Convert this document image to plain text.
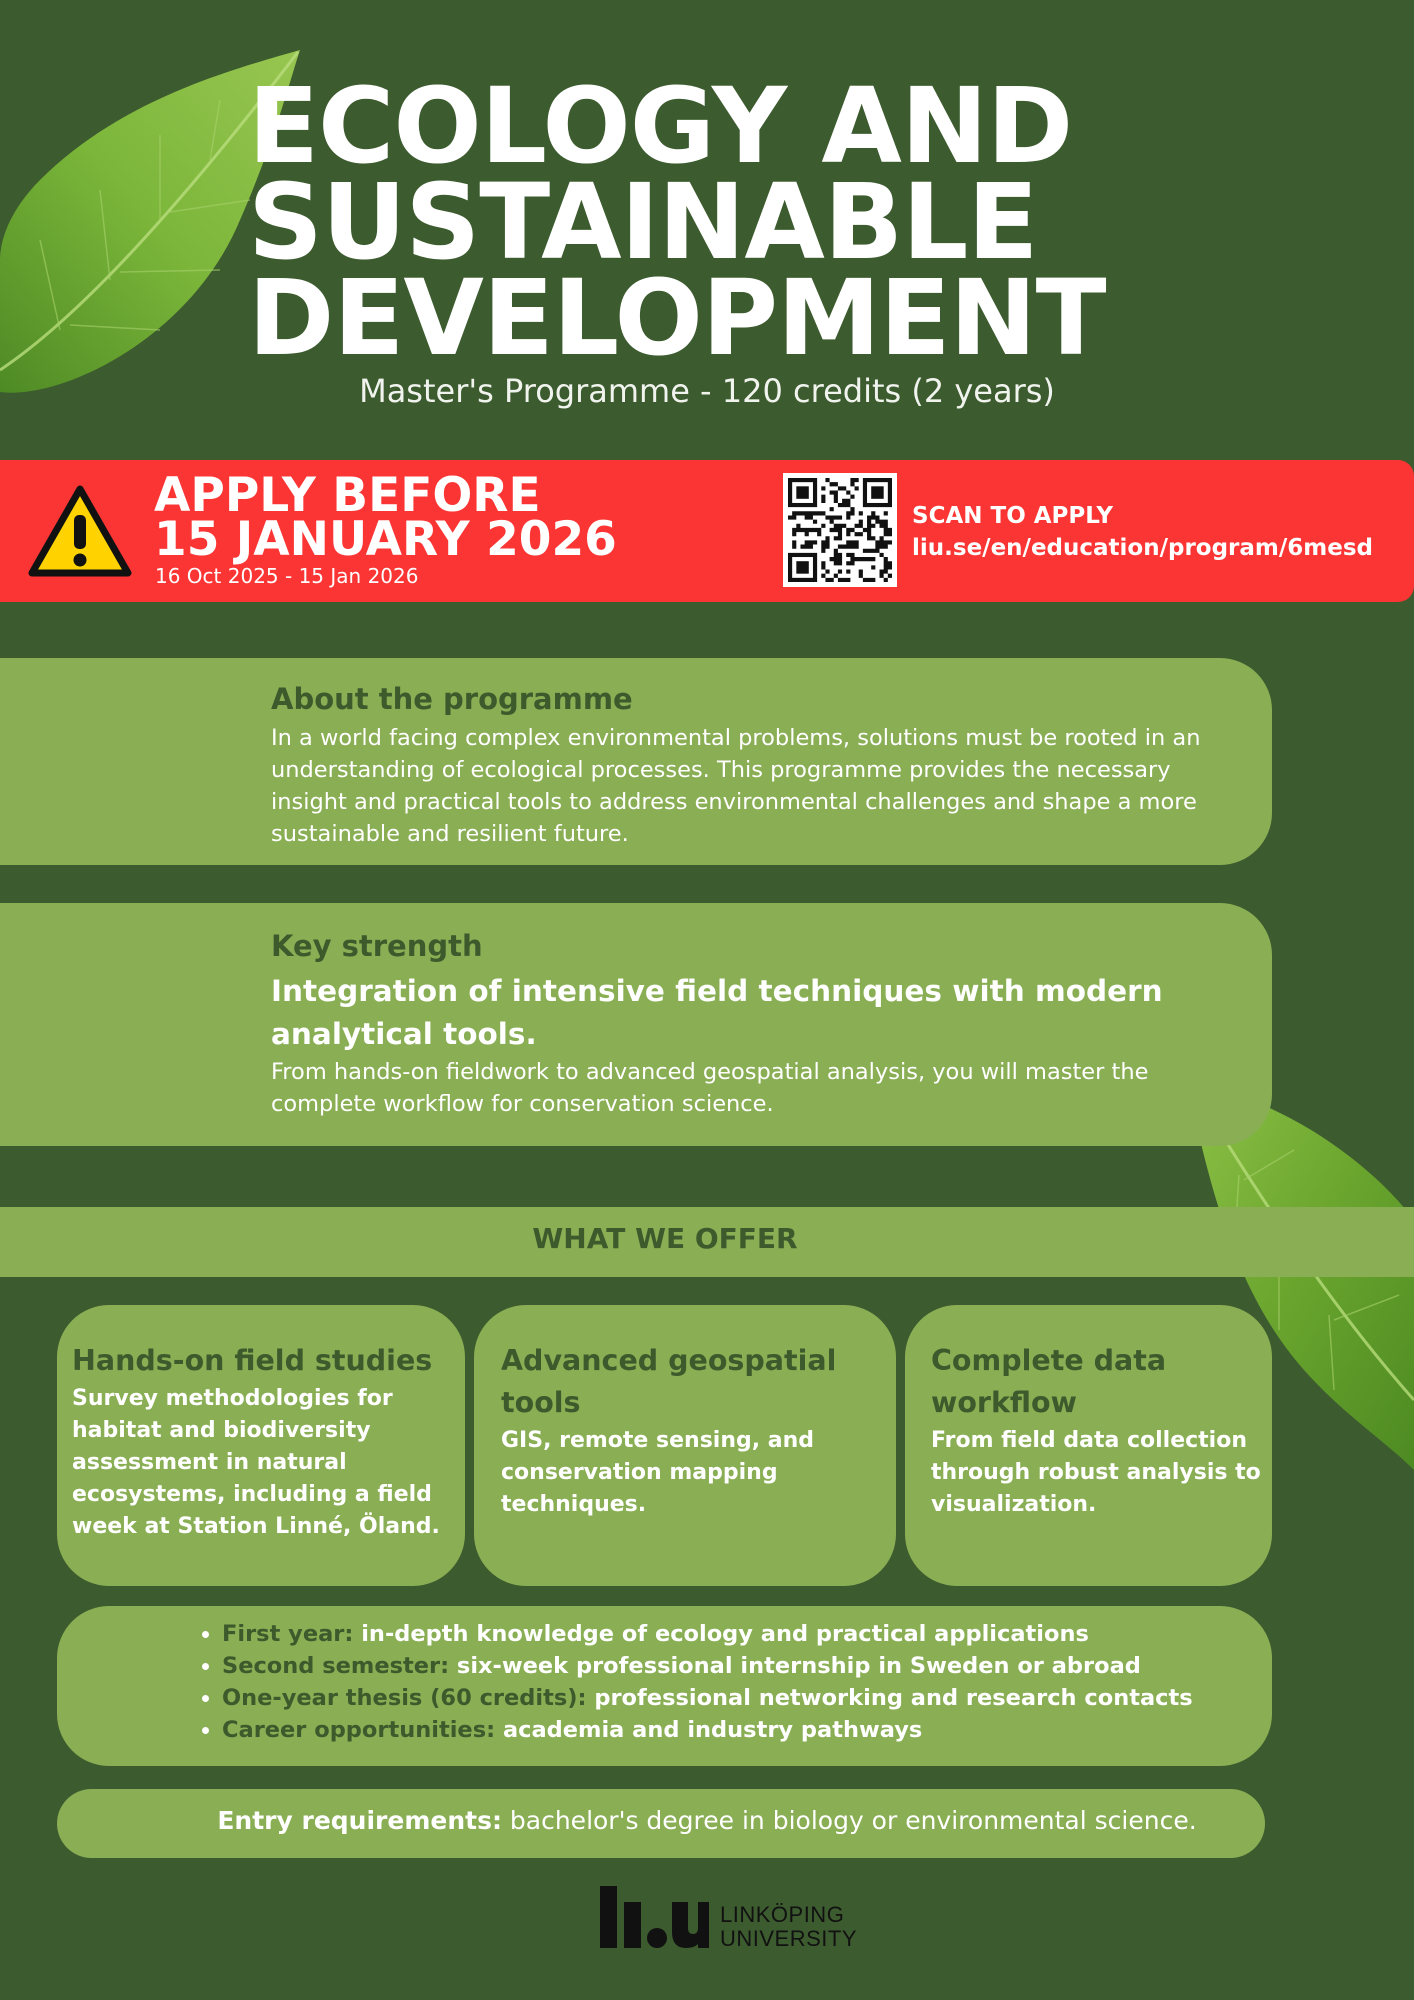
ECOLOGY AND
SUSTAINABLE
DEVELOPMENT
Master's Programme - 120 credits (2 years)
APPLY BEFORE
15 JANUARY 2026
16 Oct 2025 - 15 Jan 2026
SCAN TO APPLY
liu.se/en/education/program/6mesd
About the programme
In a world facing complex environmental problems, solutions must be rooted in an understanding of ecological processes. This programme provides the necessary insight and practical tools to address environmental challenges and shape a more sustainable and resilient future.
Key strength
Integration of intensive field techniques with modern analytical tools.
From hands-on fieldwork to advanced geospatial analysis, you will master the complete workflow for conservation science.
WHAT WE OFFER
Hands-on field studies
Survey methodologies for habitat and biodiversity assessment in natural ecosystems, including a field week at Station Linné, Öland.
Advanced geospatial tools
GIS, remote sensing, and conservation mapping techniques.
Complete data workflow
From field data collection through robust analysis to visualization.
• First year: in-depth knowledge of ecology and practical applications
• Second semester: six-week professional internship in Sweden or abroad
• One-year thesis (60 credits): professional networking and research contacts
• Career opportunities: academia and industry pathways
Entry requirements: bachelor's degree in biology or environmental science.
LINKÖPING
UNIVERSITY
